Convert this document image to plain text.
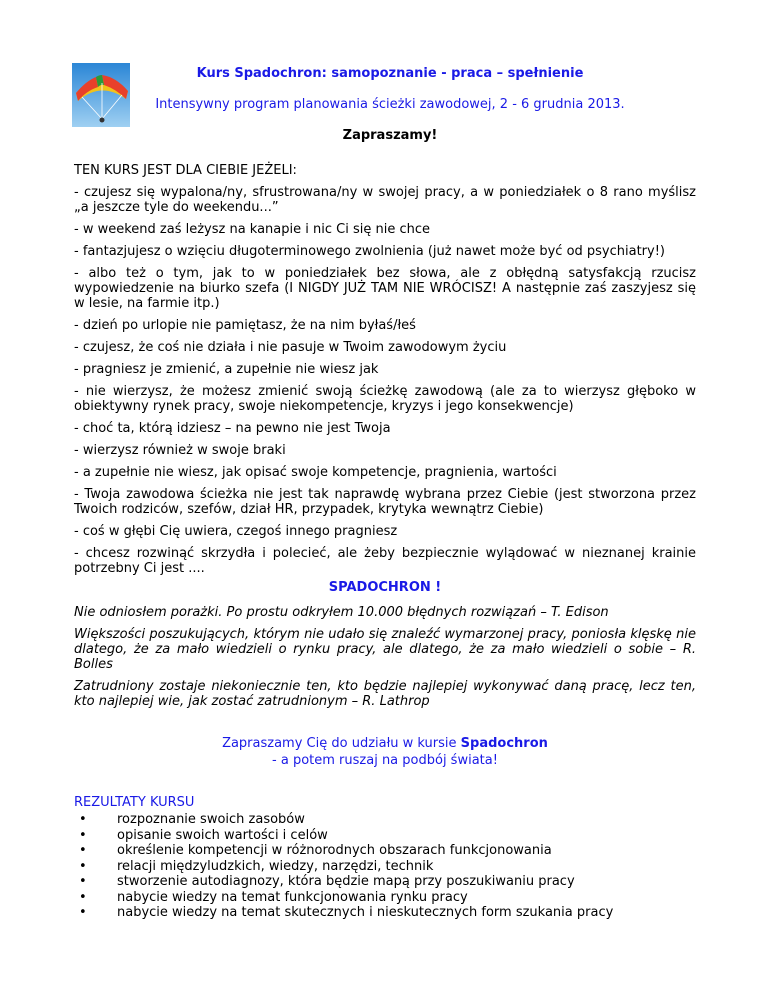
Kurs Spadochron: samopoznanie - praca – spełnienie
Intensywny program planowania ścieżki zawodowej, 2 - 6 grudnia 2013.
Zapraszamy!

TEN KURS JEST DLA CIEBIE JEŻELI:

- czujesz się wypalona/ny, sfrustrowana/ny w swojej pracy, a w poniedziałek o 8 rano myślisz „a jeszcze tyle do weekendu...”

- w weekend zaś leżysz na kanapie i nic Ci się nie chce

- fantazjujesz o wzięciu długoterminowego zwolnienia (już nawet może być od psychiatry!)

- albo też o tym, jak to w poniedziałek bez słowa, ale z obłędną satysfakcją rzucisz wypowiedzenie na biurko szefa (I NIGDY JUŻ TAM NIE WRÓCISZ! A następnie zaś zaszyjesz się w lesie, na farmie itp.)

- dzień po urlopie nie pamiętasz, że na nim byłaś/łeś

- czujesz, że coś nie działa i nie pasuje w Twoim zawodowym życiu

- pragniesz je zmienić, a zupełnie nie wiesz jak

- nie wierzysz, że możesz zmienić swoją ścieżkę zawodową (ale za to wierzysz głęboko w obiektywny rynek pracy, swoje niekompetencje, kryzys i jego konsekwencje)

- choć ta, którą idziesz – na pewno nie jest Twoja

- wierzysz również w swoje braki

- a zupełnie nie wiesz, jak opisać swoje kompetencje, pragnienia, wartości

- Twoja zawodowa ścieżka nie jest tak naprawdę wybrana przez Ciebie (jest stworzona przez Twoich rodziców, szefów, dział HR, przypadek, krytyka wewnątrz Ciebie)

- coś w głębi Cię uwiera, czegoś innego pragniesz

- chcesz rozwinąć skrzydła i polecieć, ale żeby bezpiecznie wylądować w nieznanej krainie potrzebny Ci jest ....

SPADOCHRON !

Nie odniosłem porażki. Po prostu odkryłem 10.000 błędnych rozwiązań – T. Edison

Większości poszukujących, którym nie udało się znaleźć wymarzonej pracy, poniosła klęskę nie dlatego, że za mało wiedzieli o rynku pracy, ale dlatego, że za mało wiedzieli o sobie – R. Bolles

Zatrudniony zostaje niekoniecznie ten, kto będzie najlepiej wykonywać daną pracę, lecz ten, kto najlepiej wie, jak zostać zatrudnionym – R. Lathrop

Zapraszamy Cię do udziału w kursie Spadochron
- a potem ruszaj na podbój świata!
REZULTATY KURSU
• rozpoznanie swoich zasobów
• opisanie swoich wartości i celów
• określenie kompetencji w różnorodnych obszarach funkcjonowania
• relacji międzyludzkich, wiedzy, narzędzi, technik
• stworzenie autodiagnozy, która będzie mapą przy poszukiwaniu pracy
• nabycie wiedzy na temat funkcjonowania rynku pracy
• nabycie wiedzy na temat skutecznych i nieskutecznych form szukania pracy
